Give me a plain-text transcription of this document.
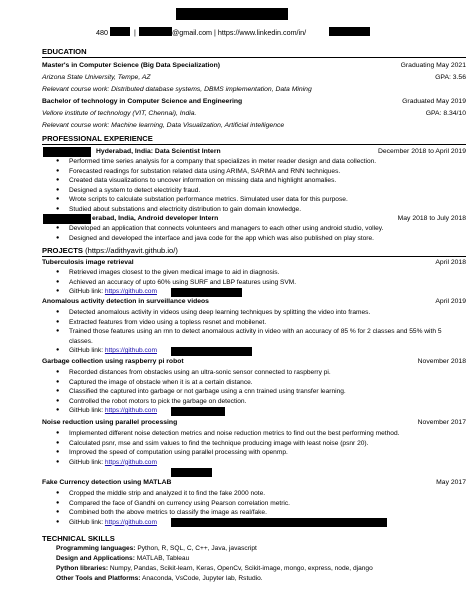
480	|	@gmail.com | https://www.linkedin.com/in/
EDUCATION
Master's in Computer Science (Big Data Specialization)	Graduating May 2021
Arizona State University, Tempe, AZ	GPA: 3.56
Relevant course work: Distributed database systems, DBMS implementation, Data Mining
Bachelor of technology in Computer Science and Engineering	Graduated May 2019
Vellore institute of technology (VIT, Chennai), India.	GPA: 8.34/10
Relevant course work: Machine learning, Data Visualization, Artificial intelligence
PROFESSIONAL EXPERIENCE
Hyderabad, India: Data Scientist Intern	December 2018 to April 2019
● Performed time series analysis for a company that specializes in meter reader design and data collection.
● Forecasted readings for substation related data using ARIMA, SARIMA and RNN techniques.
● Created data visualizations to uncover information on missing data and highlight anomalies.
● Designed a system to detect electricity fraud.
● Wrote scripts to calculate substation performance metrics. Simulated user data for this purpose.
● Studied about substations and electricity distribution to gain domain knowledge.
erabad, India, Android developer Intern	May 2018 to July 2018
● Developed an application that connects volunteers and managers to each other using android studio, volley.
● Designed and developed the interface and java code for the app which was also published on play store.
PROJECTS (https://adithyavit.github.io/)
Tuberculosis image retrieval	April 2018
● Retrieved images closest to the given medical image to aid in diagnosis.
● Achieved an accuracy of upto 60% using SURF and LBP features using SVM.
● GitHub link: https://github.com
Anomalous activity detection in surveillance videos	April 2019
● Detected anomalous activity in videos using deep learning techniques by splitting the video into frames.
● Extracted features from video using a topless resnet and mobilenet.
● Trained those features using an rnn to detect anomalous activity in video with an accuracy of 85 % for 2 classes and 55% with 5 classes.
● GitHub link: https://github.com
Garbage collection using raspberry pi robot	November 2018
● Recorded distances from obstacles using an ultra-sonic sensor connected to raspberry pi.
● Captured the image of obstacle when it is at a certain distance.
● Classified the captured into garbage or not garbage using a cnn trained using transfer learning.
● Controlled the robot motors to pick the garbage on detection.
● GitHub link: https://github.com
Noise reduction using parallel processing	November 2017
● Implemented different noise detection metrics and noise reduction metrics to find out the best performing method.
● Calculated psnr, mse and ssim values to find the technique producing image with least noise (psnr 20).
● Improved the speed of computation using parallel processing with openmp.
● GitHub link: https://github.com
Fake Currency detection using MATLAB	May 2017
● Cropped the middle strip and analyzed it to find the fake 2000 note.
● Compared the face of Gandhi on currency using Pearson correlation metric.
● Combined both the above metrics to classify the image as real/fake.
● GitHub link: https://github.com
TECHNICAL SKILLS
Programming languages: Python, R, SQL, C, C++, Java, javascript
Design and Applications: MATLAB, Tableau
Python libraries: Numpy, Pandas, Scikit-learn, Keras, OpenCv, Scikit-image, mongo, express, node, django
Other Tools and Platforms: Anaconda, VsCode, Jupyter lab, Rstudio.
